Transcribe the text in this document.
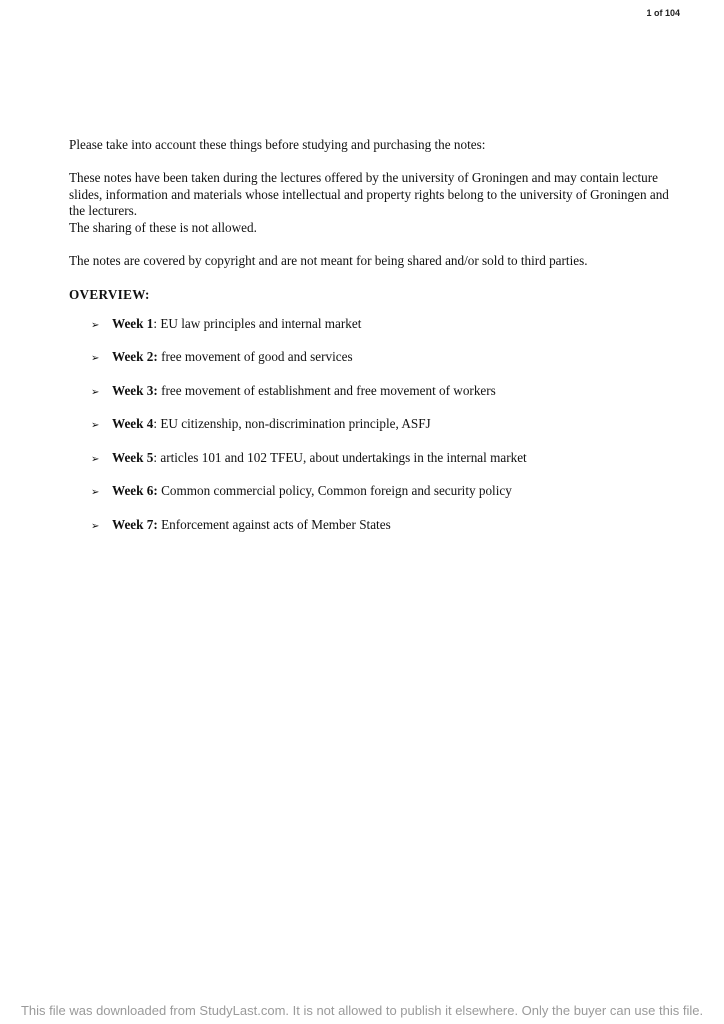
1 of 104

Please take into account these things before studying and purchasing the notes:

These notes have been taken during the lectures offered by the university of Groningen and may contain lecture slides, information and materials whose intellectual and property rights belong to the university of Groningen and the lecturers.

The sharing of these is not allowed.

The notes are covered by copyright and are not meant for being shared and/or sold to third parties.

OVERVIEW:
➢ Week 1: EU law principles and internal market
➢ Week 2: free movement of good and services
➢ Week 3: free movement of establishment and free movement of workers
➢ Week 4: EU citizenship, non-discrimination principle, ASFJ
➢ Week 5: articles 101 and 102 TFEU, about undertakings in the internal market
➢ Week 6: Common commercial policy, Common foreign and security policy
➢ Week 7: Enforcement against acts of Member States
This file was downloaded from StudyLast.com. It is not allowed to publish it elsewhere. Only the buyer can use this file.
